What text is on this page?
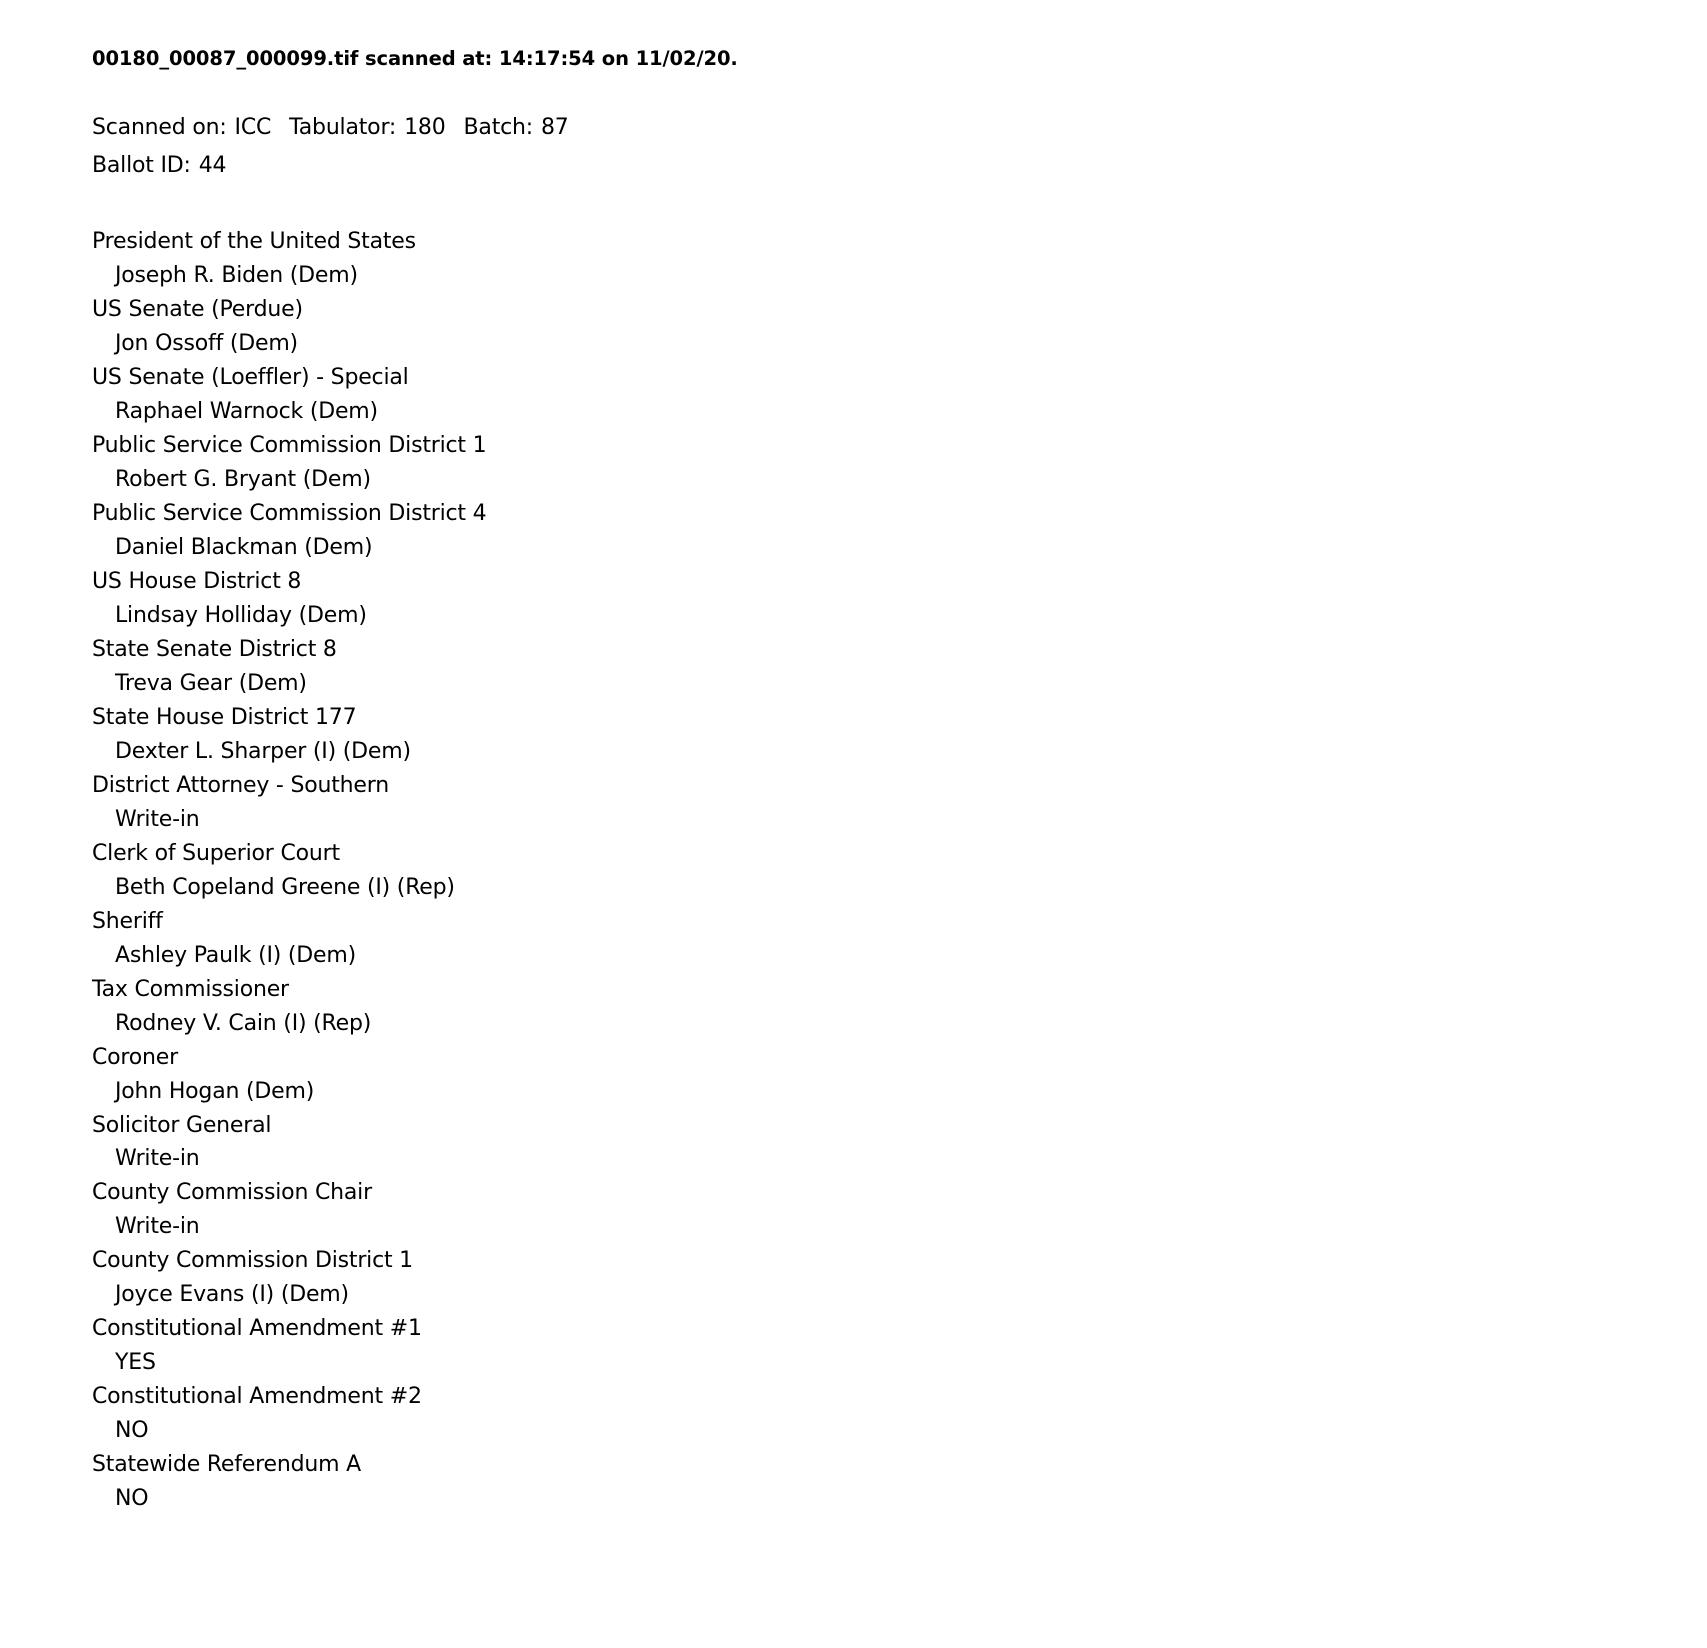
00180_00087_000099.tif scanned at: 14:17:54 on 11/02/20.
Scanned on: ICC Tabulator: 180 Batch: 87
Ballot ID: 44
President of the United States
Joseph R. Biden (Dem)
US Senate (Perdue)
Jon Ossoff (Dem)
US Senate (Loeffler) - Special
Raphael Warnock (Dem)
Public Service Commission District 1
Robert G. Bryant (Dem)
Public Service Commission District 4
Daniel Blackman (Dem)
US House District 8
Lindsay Holliday (Dem)
State Senate District 8
Treva Gear (Dem)
State House District 177
Dexter L. Sharper (I) (Dem)
District Attorney - Southern
Write-in
Clerk of Superior Court
Beth Copeland Greene (I) (Rep)
Sheriff
Ashley Paulk (I) (Dem)
Tax Commissioner
Rodney V. Cain (I) (Rep)
Coroner
John Hogan (Dem)
Solicitor General
Write-in
County Commission Chair
Write-in
County Commission District 1
Joyce Evans (I) (Dem)
Constitutional Amendment #1
YES
Constitutional Amendment #2
NO
Statewide Referendum A
NO
